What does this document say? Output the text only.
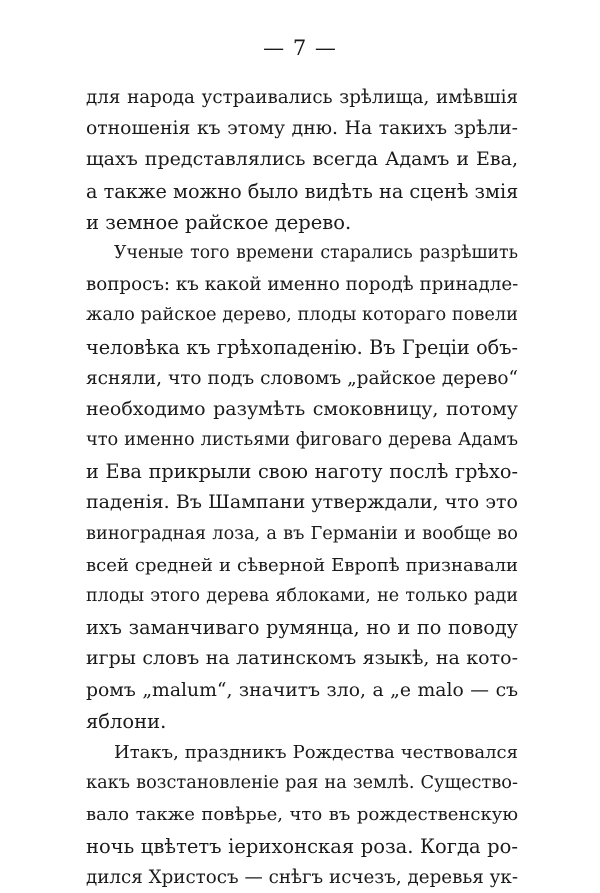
— 7 —
для народа устраивались зрѣлища, имѣвшія
отношенія къ этому дню. На такихъ зрѣли-
щахъ представлялись всегда Адамъ и Ева,
а также можно было видѣть на сценѣ змія
и земное райское дерево.
Ученые того времени старались разрѣшить
вопросъ: къ какой именно породѣ принадле-
жало райское дерево, плоды котораго повели
человѣка къ грѣхопаденію. Въ Греціи объ-
ясняли, что подъ словомъ „райское дерево“
необходимо разумѣть смоковницу, потому
что именно листьями фиговаго дерева Адамъ
и Ева прикрыли свою наготу послѣ грѣхо-
паденія. Въ Шампани утверждали, что это
виноградная лоза, а въ Германіи и вообще во
всей средней и сѣверной Европѣ признавали
плоды этого дерева яблоками, не только ради
ихъ заманчиваго румянца, но и по поводу
игры словъ на латинскомъ языкѣ, на кото-
ромъ „malum“, значитъ зло, а „e malo — съ
яблони.
Итакъ, праздникъ Рождества чествовался
какъ возстановленіе рая на землѣ. Существо-
вало также повѣрье, что въ рождественскую
ночь цвѣтетъ іерихонская роза. Когда ро-
дился Христосъ — снѣгъ исчезъ, деревья ук-
